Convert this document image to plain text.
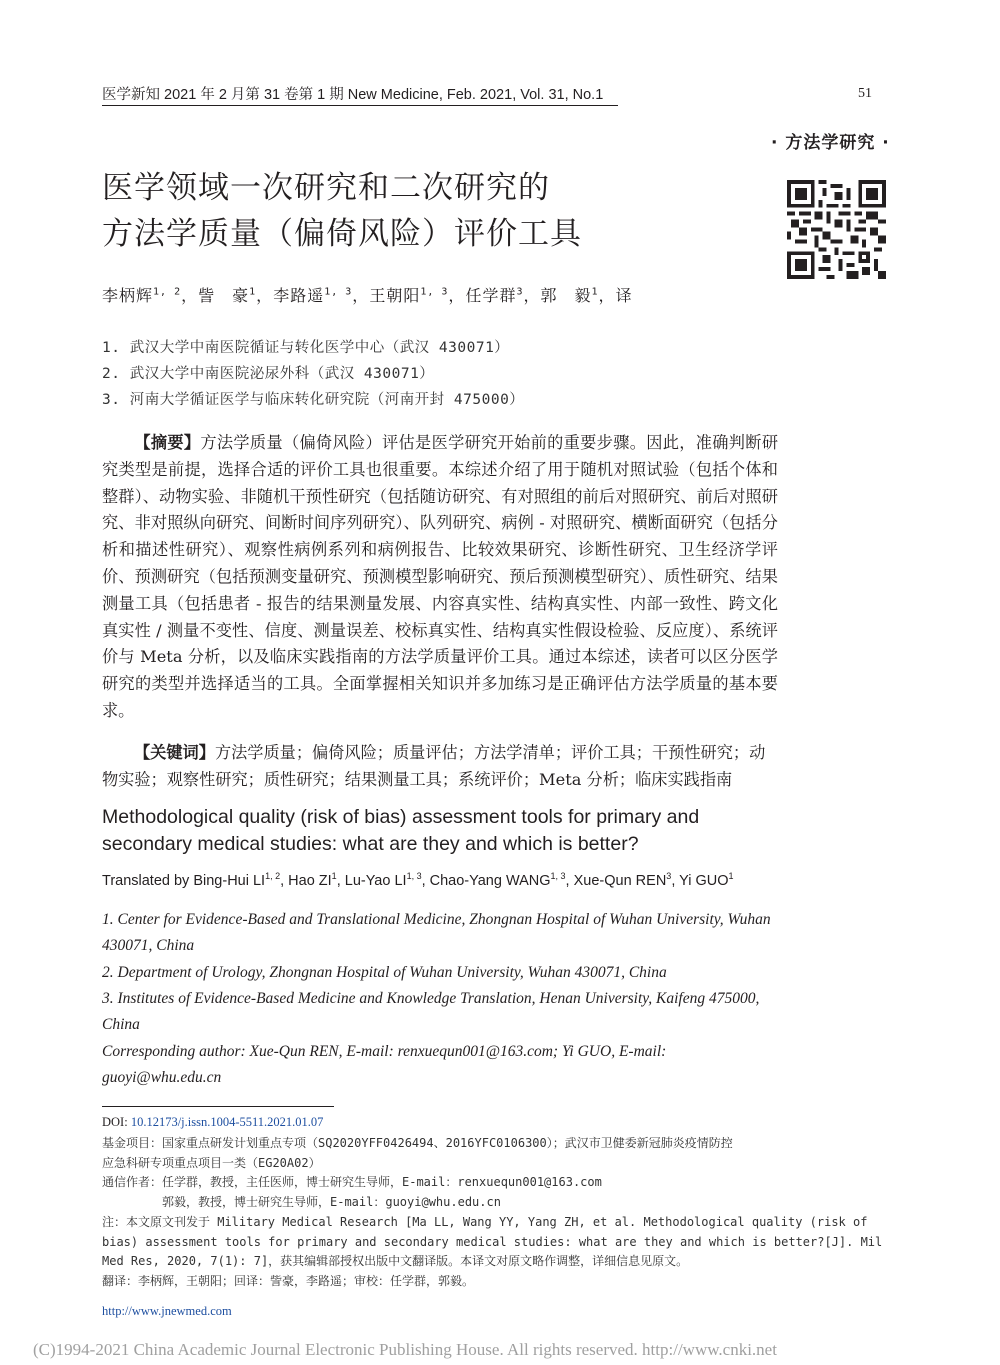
医学新知 2021 年 2 月第 31 卷第 1 期 New Medicine, Feb. 2021, Vol. 31, No.1	51
· 方法学研究 ·
医学领域一次研究和二次研究的
方法学质量（偏倚风险）评价工具
李柄辉$^{1, 2}$，訾　豪$^1$，李路遥$^{1, 3}$，王朝阳$^{1, 3}$，任学群$^3$，郭　毅$^1$，译
1. 武汉大学中南医院循证与转化医学中心（武汉 430071）
2. 武汉大学中南医院泌尿外科（武汉 430071）
3. 河南大学循证医学与临床转化研究院（河南开封 475000）
【摘要】方法学质量（偏倚风险）评估是医学研究开始前的重要步骤。因此，准确判断研究类型是前提，选择合适的评价工具也很重要。本综述介绍了用于随机对照试验（包括个体和整群）、动物实验、非随机干预性研究（包括随访研究、有对照组的前后对照研究、前后对照研究、非对照纵向研究、间断时间序列研究）、队列研究、病例 - 对照研究、横断面研究（包括分析和描述性研究）、观察性病例系列和病例报告、比较效果研究、诊断性研究、卫生经济学评价、预测研究（包括预测变量研究、预测模型影响研究、预后预测模型研究）、质性研究、结果测量工具（包括患者 - 报告的结果测量发展、内容真实性、结构真实性、内部一致性、跨文化真实性 / 测量不变性、信度、测量误差、校标真实性、结构真实性假设检验、反应度）、系统评价与 Meta 分析，以及临床实践指南的方法学质量评价工具。通过本综述，读者可以区分医学研究的类型并选择适当的工具。全面掌握相关知识并多加练习是正确评估方法学质量的基本要求。
【关键词】方法学质量；偏倚风险；质量评估；方法学清单；评价工具；干预性研究；动物实验；观察性研究；质性研究；结果测量工具；系统评价；Meta 分析；临床实践指南
Methodological quality (risk of bias) assessment tools for primary and secondary medical studies: what are they and which is better?
Translated by Bing-Hui LI$^{1, 2}$, Hao $ZI^1$, Lu-Yao LI$^{1, 3}$, Chao-Yang WANG$^{1, 3}$, Xue-Qun REN$^3$, Yi GUO$^1$
1. Center for Evidence-Based and Translational Medicine, Zhongnan Hospital of Wuhan University, Wuhan 430071, China
2. Department of Urology, Zhongnan Hospital of Wuhan University, Wuhan 430071, China
3. Institutes of Evidence-Based Medicine and Knowledge Translation, Henan University, Kaifeng 475000, China
Corresponding author: Xue-Qun REN, E-mail: renxuequn001@163.com; Yi GUO, E-mail: guoyi@whu.edu.cn
DOI: 10.12173/j.issn.1004-5511.2021.01.07
基金项目：国家重点研发计划重点专项（SQ2020YFF0426494、2016YFC0106300）；武汉市卫健委新冠肺炎疫情防控
应急科研专项重点项目一类（EG20A02）
通信作者：任学群，教授，主任医师，博士研究生导师，E-mail：renxuequn001@163.com
　　　　　郭毅，教授，博士研究生导师，E-mail：guoyi@whu.edu.cn
注：本文原文刊发于 Military Medical Research [Ma LL, Wang YY, Yang ZH, et al. Methodological quality (risk of
bias) assessment tools for primary and secondary medical studies: what are they and which is better?[J]. Mil
Med Res, 2020, 7(1): 7]，获其编辑部授权出版中文翻译版。本译文对原文略作调整，详细信息见原文。
翻译：李柄辉，王朝阳；回译：訾豪，李路遥；审校：任学群，郭毅。
http://www.jnewmed.com
(C)1994-2021 China Academic Journal Electronic Publishing House. All rights reserved. http://www.cnki.net
